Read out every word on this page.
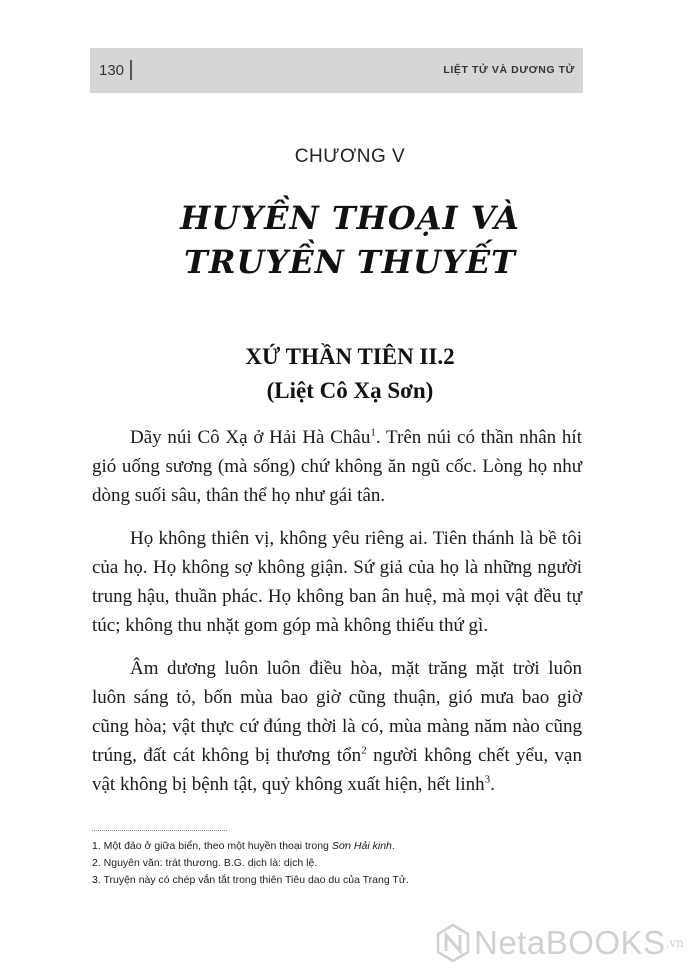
130	LIỆT TỬ VÀ DƯƠNG TỬ
CHƯƠNG V
HUYỀN THOẠI VÀ
TRUYỀN THUYẾT
XỨ THẦN TIÊN II.2
(Liệt Cô Xạ Sơn)

Dãy núi Cô Xạ ở Hải Hà Châu$^1$. Trên núi có thần nhân hít gió uống sương (mà sống) chứ không ăn ngũ cốc. Lòng họ như dòng suối sâu, thân thể họ như gái tân.

Họ không thiên vị, không yêu riêng ai. Tiên thánh là bề tôi của họ. Họ không sợ không giận. Sứ giả của họ là những người trung hậu, thuần phác. Họ không ban ân huệ, mà mọi vật đều tự túc; không thu nhặt gom góp mà không thiếu thứ gì.

Âm dương luôn luôn điều hòa, mặt trăng mặt trời luôn luôn sáng tỏ, bốn mùa bao giờ cũng thuận, gió mưa bao giờ cũng hòa; vật thực cứ đúng thời là có, mùa màng năm nào cũng trúng, đất cát không bị thương tổn$^2$ người không chết yểu, vạn vật không bị bệnh tật, quỷ không xuất hiện, hết linh$^3$.

1. Một đảo ở giữa biển, theo một huyền thoại trong Sơn Hải kinh.
2. Nguyên văn: trát thương. B.G. dịch là: dịch lệ.
3. Truyện này có chép vắn tắt trong thiên Tiêu dao du của Trang Tử.
NetaBOOKS .vn
